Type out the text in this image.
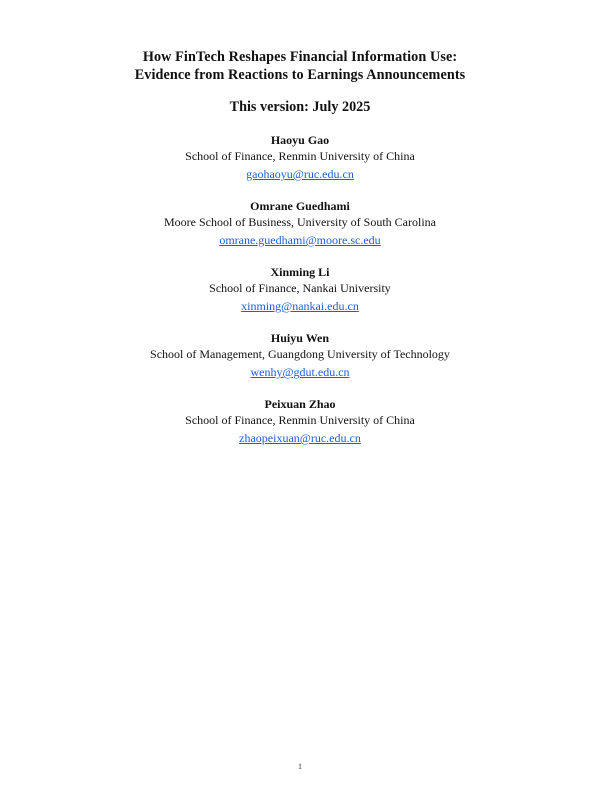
How FinTech Reshapes Financial Information Use:
Evidence from Reactions to Earnings Announcements
This version: July 2025
Haoyu Gao
School of Finance, Renmin University of China
gaohaoyu@ruc.edu.cn
Omrane Guedhami
Moore School of Business, University of South Carolina
omrane.guedhami@moore.sc.edu
Xinming Li
School of Finance, Nankai University
xinming@nankai.edu.cn
Huiyu Wen
School of Management, Guangdong University of Technology
wenhy@gdut.edu.cn
Peixuan Zhao
School of Finance, Renmin University of China
zhaopeixuan@ruc.edu.cn
1
